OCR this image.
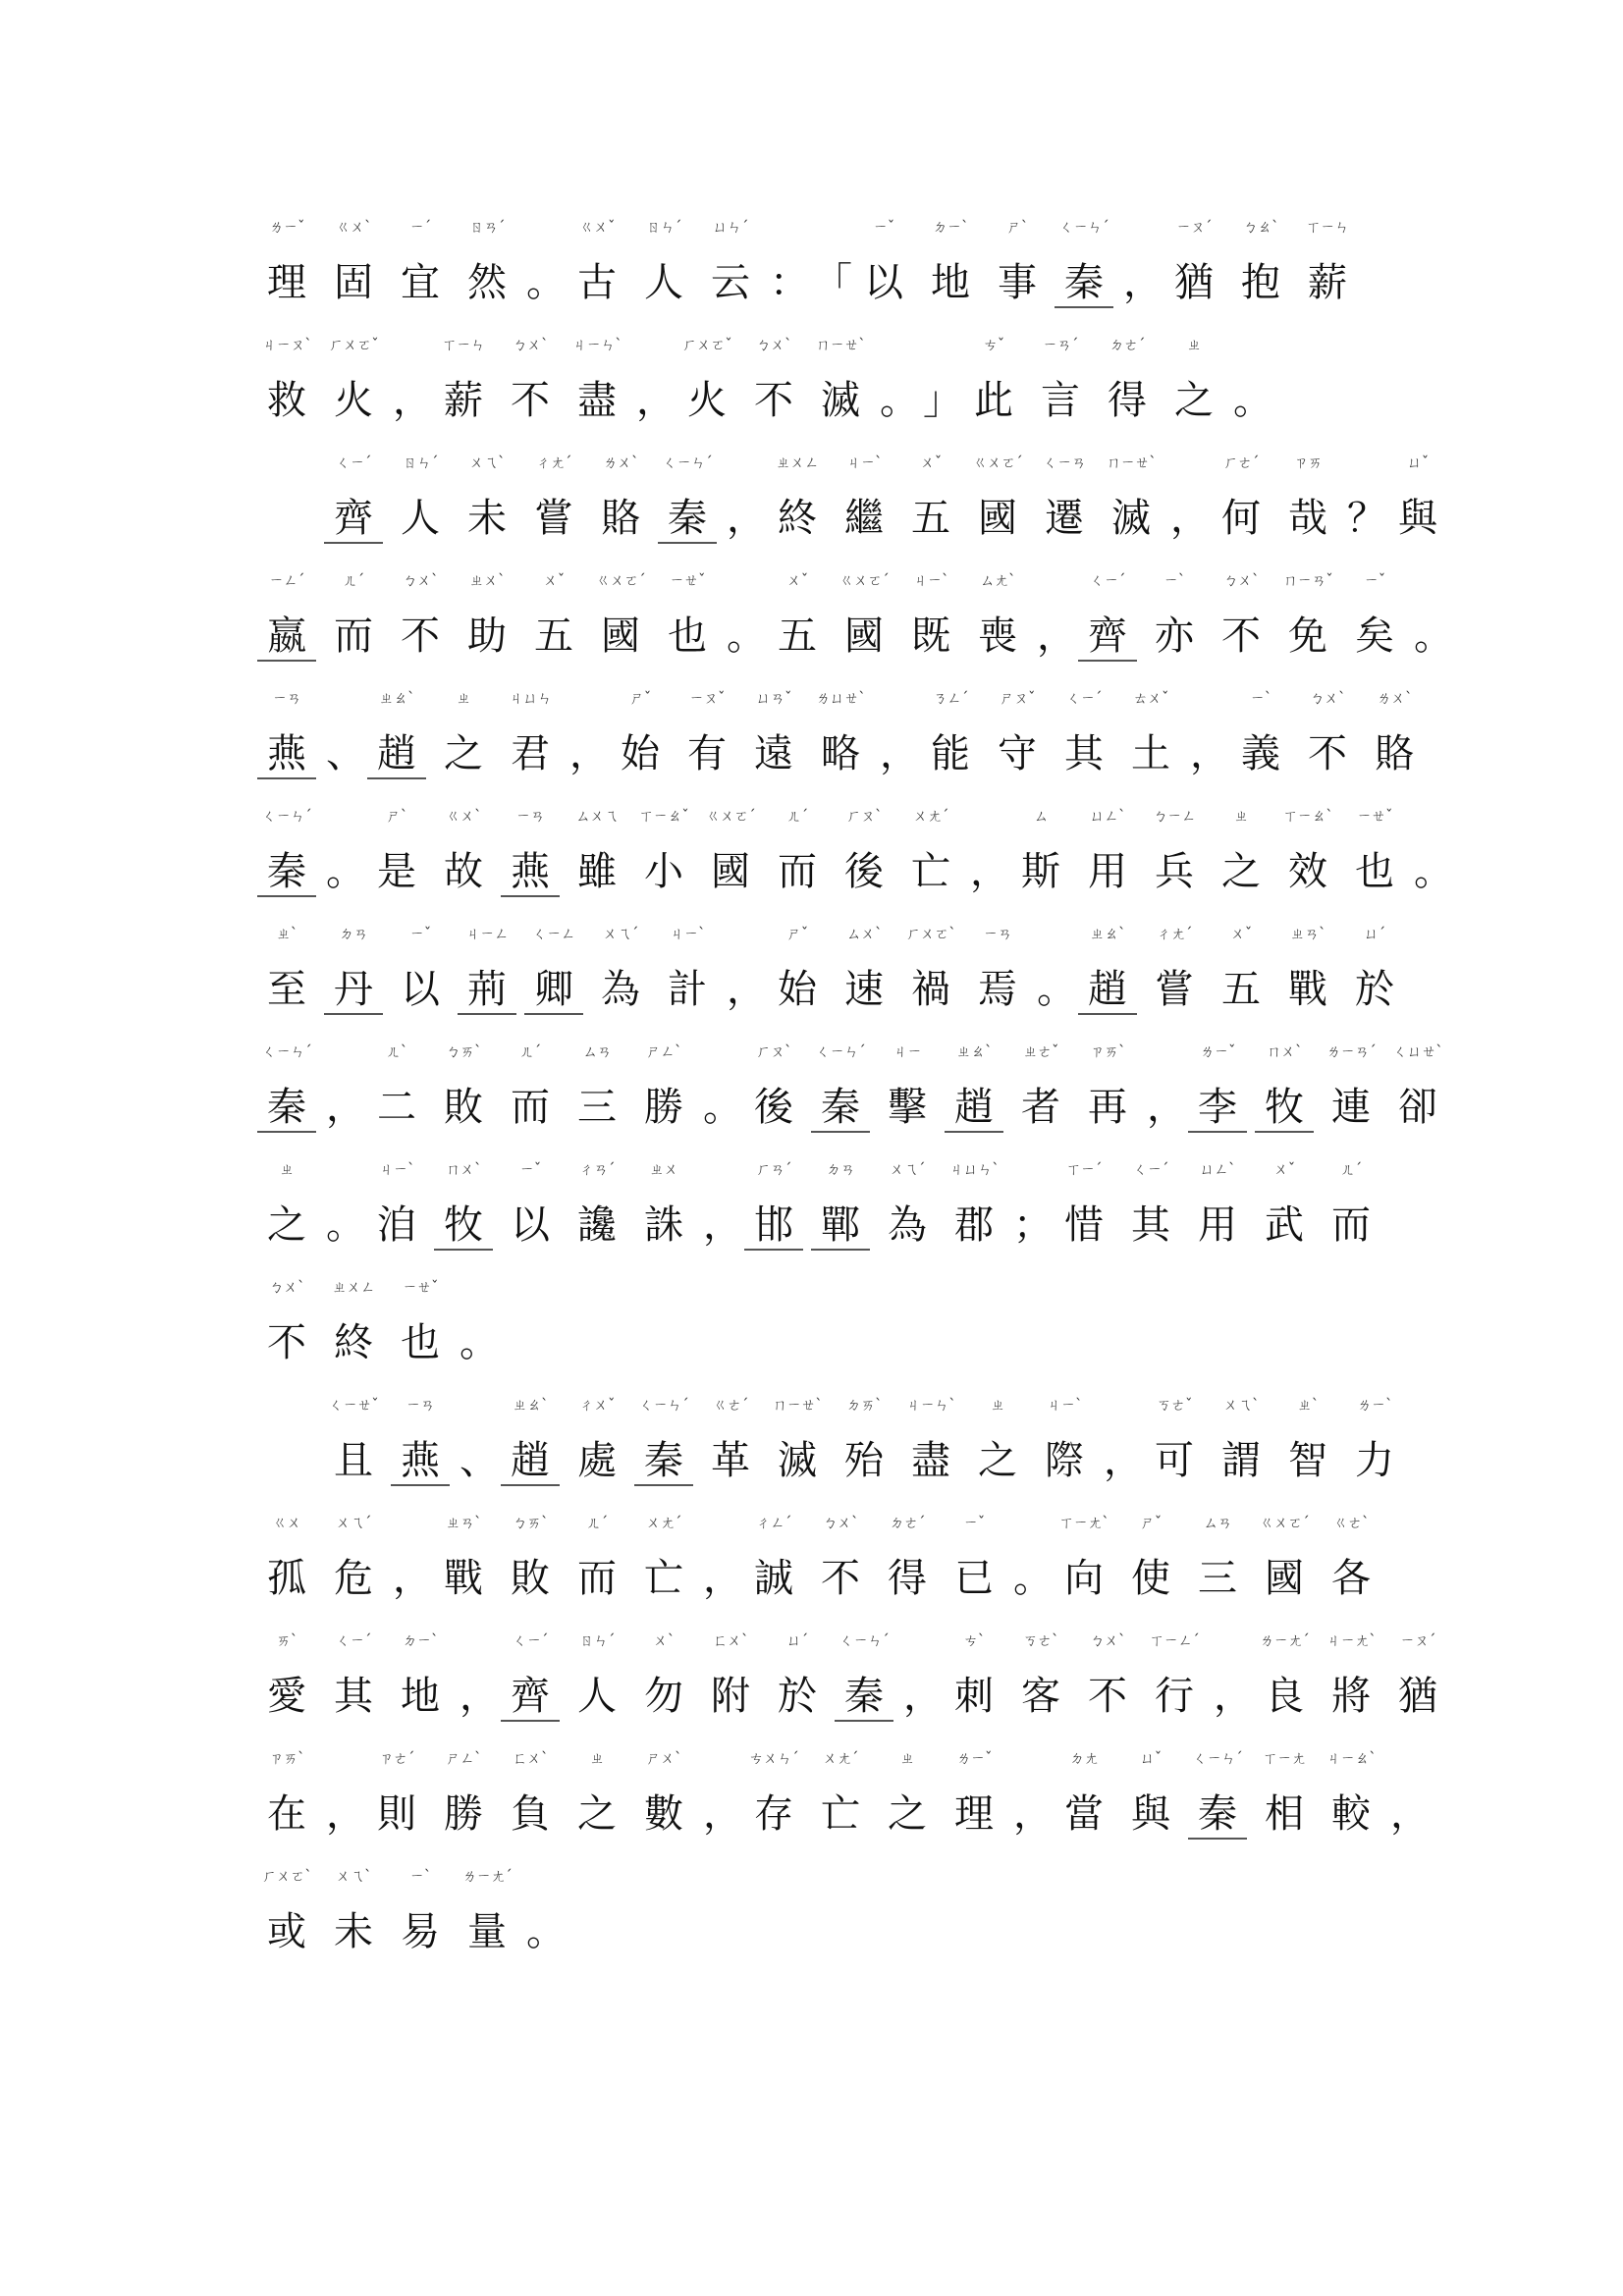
ㄌㄧˇ
理
ㄍㄨˋ
固
ㄧˊ
宜
ㄖㄢˊ
然 。
ㄍㄨˇ
古
ㄖㄣˊ
人
ㄩㄣˊ
云 ： 「
ㄧˇ
以
ㄉㄧˋ
地
ㄕˋ
事
ㄑㄧㄣˊ
秦 ，
ㄧㄡˊ
猶
ㄅㄠˋ
抱
ㄒㄧㄣ
薪
ㄐㄧㄡˋ
救
ㄏㄨㄛˇ
火 ，
ㄒㄧㄣ
薪
ㄅㄨˋ
不
ㄐㄧㄣˋ
盡 ，
ㄏㄨㄛˇ
火
ㄅㄨˋ
不
ㄇㄧㄝˋ
滅 。 」
ㄘˇ
此
ㄧㄢˊ
言
ㄉㄜˊ
得
ㄓ
之 。
ㄑㄧˊ
齊
ㄖㄣˊ
人
ㄨㄟˋ
未
ㄔㄤˊ
嘗
ㄌㄨˋ
賂
ㄑㄧㄣˊ
秦 ，
ㄓㄨㄥ
終
ㄐㄧˋ
繼
ㄨˇ
五
ㄍㄨㄛˊ
國
ㄑㄧㄢ
遷
ㄇㄧㄝˋ
滅 ，
ㄏㄜˊ
何
ㄗㄞ
哉 ？
ㄩˇ
與
ㄧㄥˊ
嬴
ㄦˊ
而
ㄅㄨˋ
不
ㄓㄨˋ
助
ㄨˇ
五
ㄍㄨㄛˊ
國
ㄧㄝˇ
也 。
ㄨˇ
五
ㄍㄨㄛˊ
國
ㄐㄧˋ
既
ㄙㄤˋ
喪 ，
ㄑㄧˊ
齊
ㄧˋ
亦
ㄅㄨˋ
不
ㄇㄧㄢˇ
免
ㄧˇ
矣 。
ㄧㄢ
燕 、
ㄓㄠˋ
趙
ㄓ
之
ㄐㄩㄣ
君 ，
ㄕˇ
始
ㄧㄡˇ
有
ㄩㄢˇ
遠
ㄌㄩㄝˋ
略 ，
ㄋㄥˊ
能
ㄕㄡˇ
守
ㄑㄧˊ
其
ㄊㄨˇ
土 ，
ㄧˋ
義
ㄅㄨˋ
不
ㄌㄨˋ
賂
ㄑㄧㄣˊ
秦 。
ㄕˋ
是
ㄍㄨˋ
故
ㄧㄢ
燕
ㄙㄨㄟ
雖
ㄒㄧㄠˇ
小
ㄍㄨㄛˊ
國
ㄦˊ
而
ㄏㄡˋ
後
ㄨㄤˊ
亡 ，
ㄙ
斯
ㄩㄥˋ
用
ㄅㄧㄥ
兵
ㄓ
之
ㄒㄧㄠˋ
效
ㄧㄝˇ
也 。
ㄓˋ
至
ㄉㄢ
丹
ㄧˇ
以
ㄐㄧㄥ
荊
ㄑㄧㄥ
卿
ㄨㄟˊ
為
ㄐㄧˋ
計 ，
ㄕˇ
始
ㄙㄨˋ
速
ㄏㄨㄛˋ
禍
ㄧㄢ
焉 。
ㄓㄠˋ
趙
ㄔㄤˊ
嘗
ㄨˇ
五
ㄓㄢˋ
戰
ㄩˊ
於
ㄑㄧㄣˊ
秦 ，
ㄦˋ
二
ㄅㄞˋ
敗
ㄦˊ
而
ㄙㄢ
三
ㄕㄥˋ
勝 。
ㄏㄡˋ
後
ㄑㄧㄣˊ
秦
ㄐㄧ
擊
ㄓㄠˋ
趙
ㄓㄜˇ
者
ㄗㄞˋ
再 ，
ㄌㄧˇ
李
ㄇㄨˋ
牧
ㄌㄧㄢˊ
連
ㄑㄩㄝˋ
卻
ㄓ
之 。
ㄐㄧˋ
洎
ㄇㄨˋ
牧
ㄧˇ
以
ㄔㄢˊ
讒
ㄓㄨ
誅 ，
ㄏㄢˊ
邯
ㄉㄢ
鄲
ㄨㄟˊ
為
ㄐㄩㄣˋ
郡 ；
ㄒㄧˊ
惜
ㄑㄧˊ
其
ㄩㄥˋ
用
ㄨˇ
武
ㄦˊ
而
ㄅㄨˋ
不
ㄓㄨㄥ
終
ㄧㄝˇ
也 。
ㄑㄧㄝˇ
且
ㄧㄢ
燕 、
ㄓㄠˋ
趙
ㄔㄨˇ
處
ㄑㄧㄣˊ
秦
ㄍㄜˊ
革
ㄇㄧㄝˋ
滅
ㄉㄞˋ
殆
ㄐㄧㄣˋ
盡
ㄓ
之
ㄐㄧˋ
際 ，
ㄎㄜˇ
可
ㄨㄟˋ
謂
ㄓˋ
智
ㄌㄧˋ
力
ㄍㄨ
孤
ㄨㄟˊ
危 ，
ㄓㄢˋ
戰
ㄅㄞˋ
敗
ㄦˊ
而
ㄨㄤˊ
亡 ，
ㄔㄥˊ
誠
ㄅㄨˋ
不
ㄉㄜˊ
得
ㄧˇ
已 。
ㄒㄧㄤˋ
向
ㄕˇ
使
ㄙㄢ
三
ㄍㄨㄛˊ
國
ㄍㄜˋ
各
ㄞˋ
愛
ㄑㄧˊ
其
ㄉㄧˋ
地 ，
ㄑㄧˊ
齊
ㄖㄣˊ
人
ㄨˋ
勿
ㄈㄨˋ
附
ㄩˊ
於
ㄑㄧㄣˊ
秦 ，
ㄘˋ
刺
ㄎㄜˋ
客
ㄅㄨˋ
不
ㄒㄧㄥˊ
行 ，
ㄌㄧㄤˊ
良
ㄐㄧㄤˋ
將
ㄧㄡˊ
猶
ㄗㄞˋ
在 ，
ㄗㄜˊ
則
ㄕㄥˋ
勝
ㄈㄨˋ
負
ㄓ
之
ㄕㄨˋ
數 ，
ㄘㄨㄣˊ
存
ㄨㄤˊ
亡
ㄓ
之
ㄌㄧˇ
理 ，
ㄉㄤ
當
ㄩˇ
與
ㄑㄧㄣˊ
秦
ㄒㄧㄤ
相
ㄐㄧㄠˋ
較 ，
ㄏㄨㄛˋ
或
ㄨㄟˋ
未
ㄧˋ
易
ㄌㄧㄤˊ
量 。
